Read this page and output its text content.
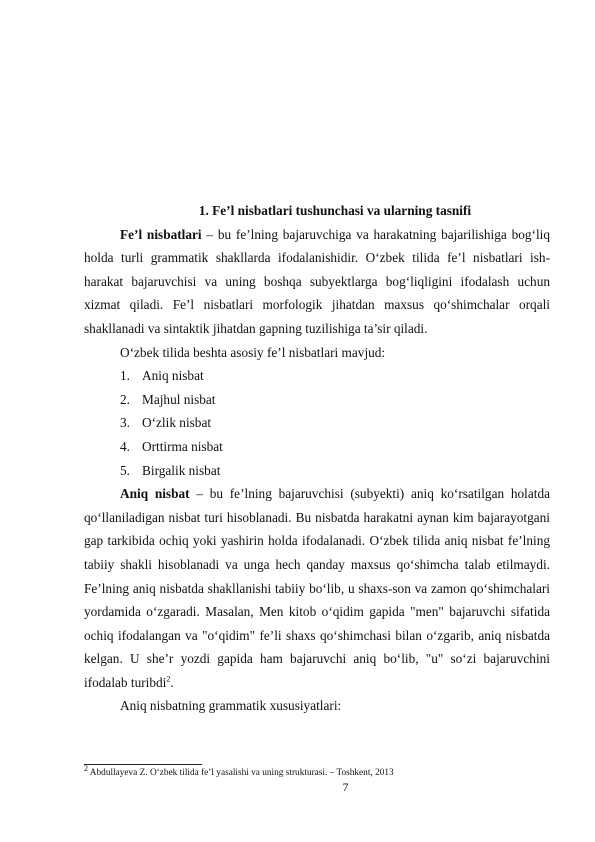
1. Fe’l nisbatlari tushunchasi va ularning tasnifi

Fe’l nisbatlari – bu fe’lning bajaruvchiga va harakatning bajarilishiga bog‘liq holda turli grammatik shakllarda ifodalanishidir. O‘zbek tilida fe’l nisbatlari ish-harakat bajaruvchisi va uning boshqa subyektlarga bog‘liqligini ifodalash uchun xizmat qiladi. Fe’l nisbatlari morfologik jihatdan maxsus qo‘shimchalar orqali shakllanadi va sintaktik jihatdan gapning tuzilishiga ta’sir qiladi.

O‘zbek tilida beshta asosiy fe’l nisbatlari mavjud:

1. Aniq nisbat
2. Majhul nisbat
3. O‘zlik nisbat
4. Orttirma nisbat
5. Birgalik nisbat

Aniq nisbat – bu fe’lning bajaruvchisi (subyekti) aniq ko‘rsatilgan holatda qo‘llaniladigan nisbat turi hisoblanadi. Bu nisbatda harakatni aynan kim bajarayotgani gap tarkibida ochiq yoki yashirin holda ifodalanadi. O‘zbek tilida aniq nisbat fe’lning tabiiy shakli hisoblanadi va unga hech qanday maxsus qo‘shimcha talab etilmaydi. Fe’lning aniq nisbatda shakllanishi tabiiy bo‘lib, u shaxs-son va zamon qo‘shimchalari yordamida o‘zgaradi. Masalan, Men kitob o‘qidim gapida "men" bajaruvchi sifatida ochiq ifodalangan va "o‘qidim" fe’li shaxs qo‘shimchasi bilan o‘zgarib, aniq nisbatda kelgan. U she’r yozdi gapida ham bajaruvchi aniq bo‘lib, "u" so‘zi bajaruvchini ifodalab turibdi$^2$.

Aniq nisbatning grammatik xususiyatlari:

$^2$ Abdullayeva Z. O‘zbek tilida fe’l yasalishi va uning strukturasi. – Toshkent, 2013
7
